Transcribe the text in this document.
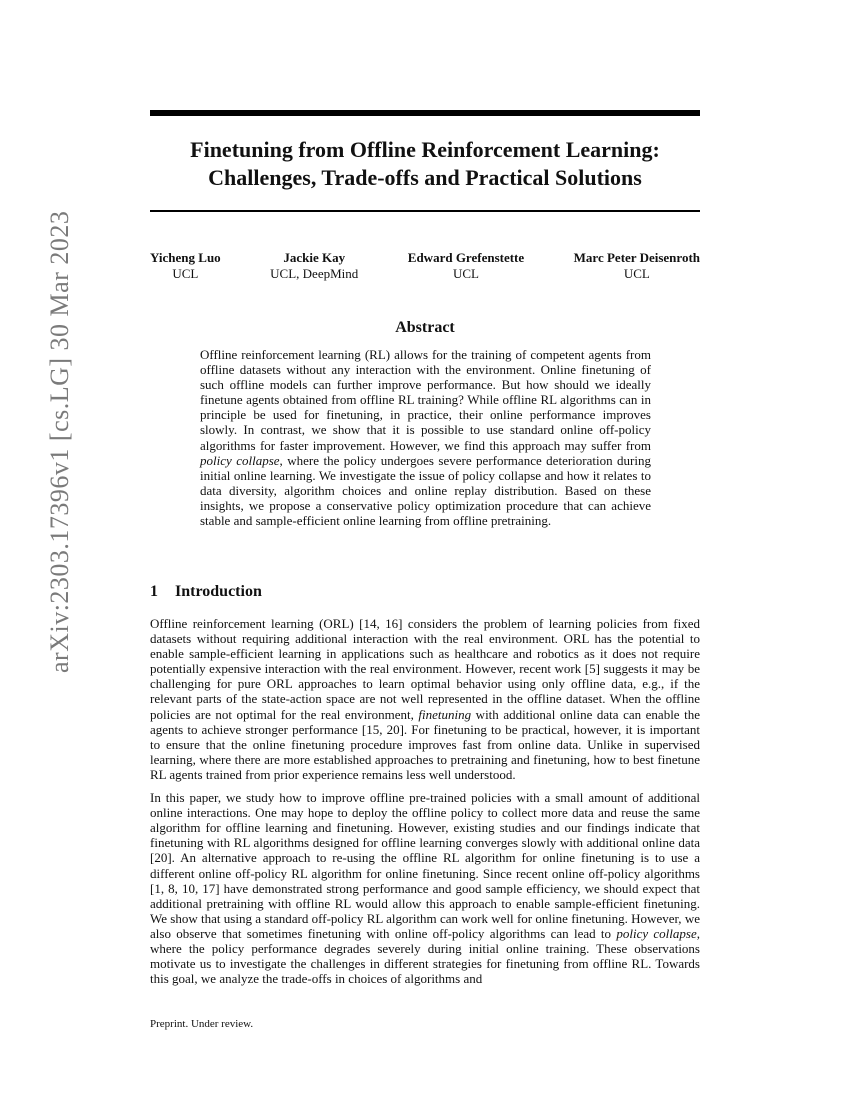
arXiv:2303.17396v1 [cs.LG] 30 Mar 2023
Finetuning from Offline Reinforcement Learning:
Challenges, Trade-offs and Practical Solutions
Yicheng Luo
UCL
Jackie Kay
UCL, DeepMind
Edward Grefenstette
UCL
Marc Peter Deisenroth
UCL
Abstract

Offline reinforcement learning (RL) allows for the training of competent agents from offline datasets without any interaction with the environment. Online finetuning of such offline models can further improve performance. But how should we ideally finetune agents obtained from offline RL training? While offline RL algorithms can in principle be used for finetuning, in practice, their online performance improves slowly. In contrast, we show that it is possible to use standard online off-policy algorithms for faster improvement. However, we find this approach may suffer from policy collapse, where the policy undergoes severe performance deterioration during initial online learning. We investigate the issue of policy collapse and how it relates to data diversity, algorithm choices and online replay distribution. Based on these insights, we propose a conservative policy optimization procedure that can achieve stable and sample-efficient online learning from offline pretraining.

1 Introduction

Offline reinforcement learning (ORL) [14, 16] considers the problem of learning policies from fixed datasets without requiring additional interaction with the real environment. ORL has the potential to enable sample-efficient learning in applications such as healthcare and robotics as it does not require potentially expensive interaction with the real environment. However, recent work [5] suggests it may be challenging for pure ORL approaches to learn optimal behavior using only offline data, e.g., if the relevant parts of the state-action space are not well represented in the offline dataset. When the offline policies are not optimal for the real environment, finetuning with additional online data can enable the agents to achieve stronger performance [15, 20]. For finetuning to be practical, however, it is important to ensure that the online finetuning procedure improves fast from online data. Unlike in supervised learning, where there are more established approaches to pretraining and finetuning, how to best finetune RL agents trained from prior experience remains less well understood.

In this paper, we study how to improve offline pre-trained policies with a small amount of additional online interactions. One may hope to deploy the offline policy to collect more data and reuse the same algorithm for offline learning and finetuning. However, existing studies and our findings indicate that finetuning with RL algorithms designed for offline learning converges slowly with additional online data [20]. An alternative approach to re-using the offline RL algorithm for online finetuning is to use a different online off-policy RL algorithm for online finetuning. Since recent online off-policy algorithms [1, 8, 10, 17] have demonstrated strong performance and good sample efficiency, we should expect that additional pretraining with offline RL would allow this approach to enable sample-efficient finetuning. We show that using a standard off-policy RL algorithm can work well for online finetuning. However, we also observe that sometimes finetuning with online off-policy algorithms can lead to policy collapse, where the policy performance degrades severely during initial online training. These observations motivate us to investigate the challenges in different strategies for finetuning from offline RL. Towards this goal, we analyze the trade-offs in choices of algorithms and

Preprint. Under review.
